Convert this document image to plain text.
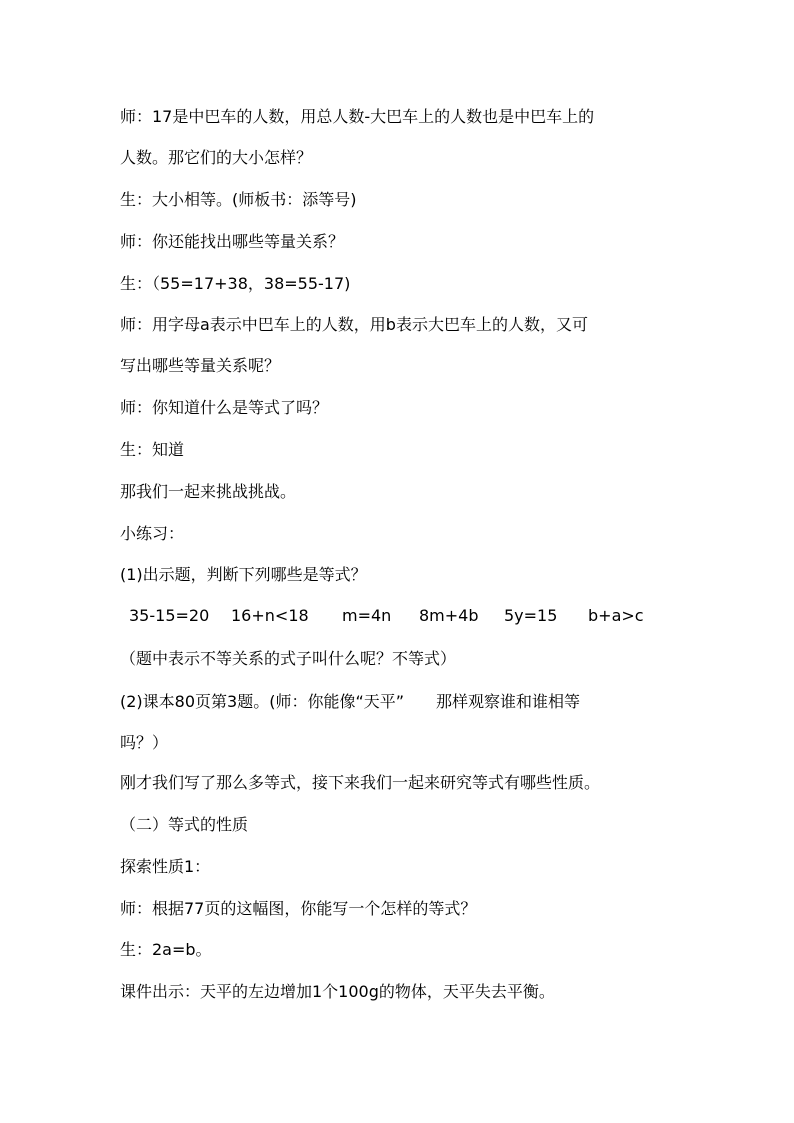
师：17是中巴车的人数，用总人数-大巴车上的人数也是中巴车上的
人数。那它们的大小怎样？
生：大小相等。(师板书：添等号)
师：你还能找出哪些等量关系？
生：（55=17+38，38=55-17)
师：用字母a表示中巴车上的人数，用b表示大巴车上的人数，又可
写出哪些等量关系呢？
师：你知道什么是等式了吗？
生：知道
那我们一起来挑战挑战。
小练习：
(1)出示题，判断下列哪些是等式？
35-15=20 16+n<18 m=4n 8m+4b 5y=15 b+a>c
（题中表示不等关系的式子叫什么呢？不等式）
(2)课本80页第3题。(师：你能像“天平”　　那样观察谁和谁相等
吗？）
刚才我们写了那么多等式，接下来我们一起来研究等式有哪些性质。
（二）等式的性质
探索性质1：
师：根据77页的这幅图，你能写一个怎样的等式？
生：2a=b。
课件出示：天平的左边增加1个100g的物体，天平失去平衡。
